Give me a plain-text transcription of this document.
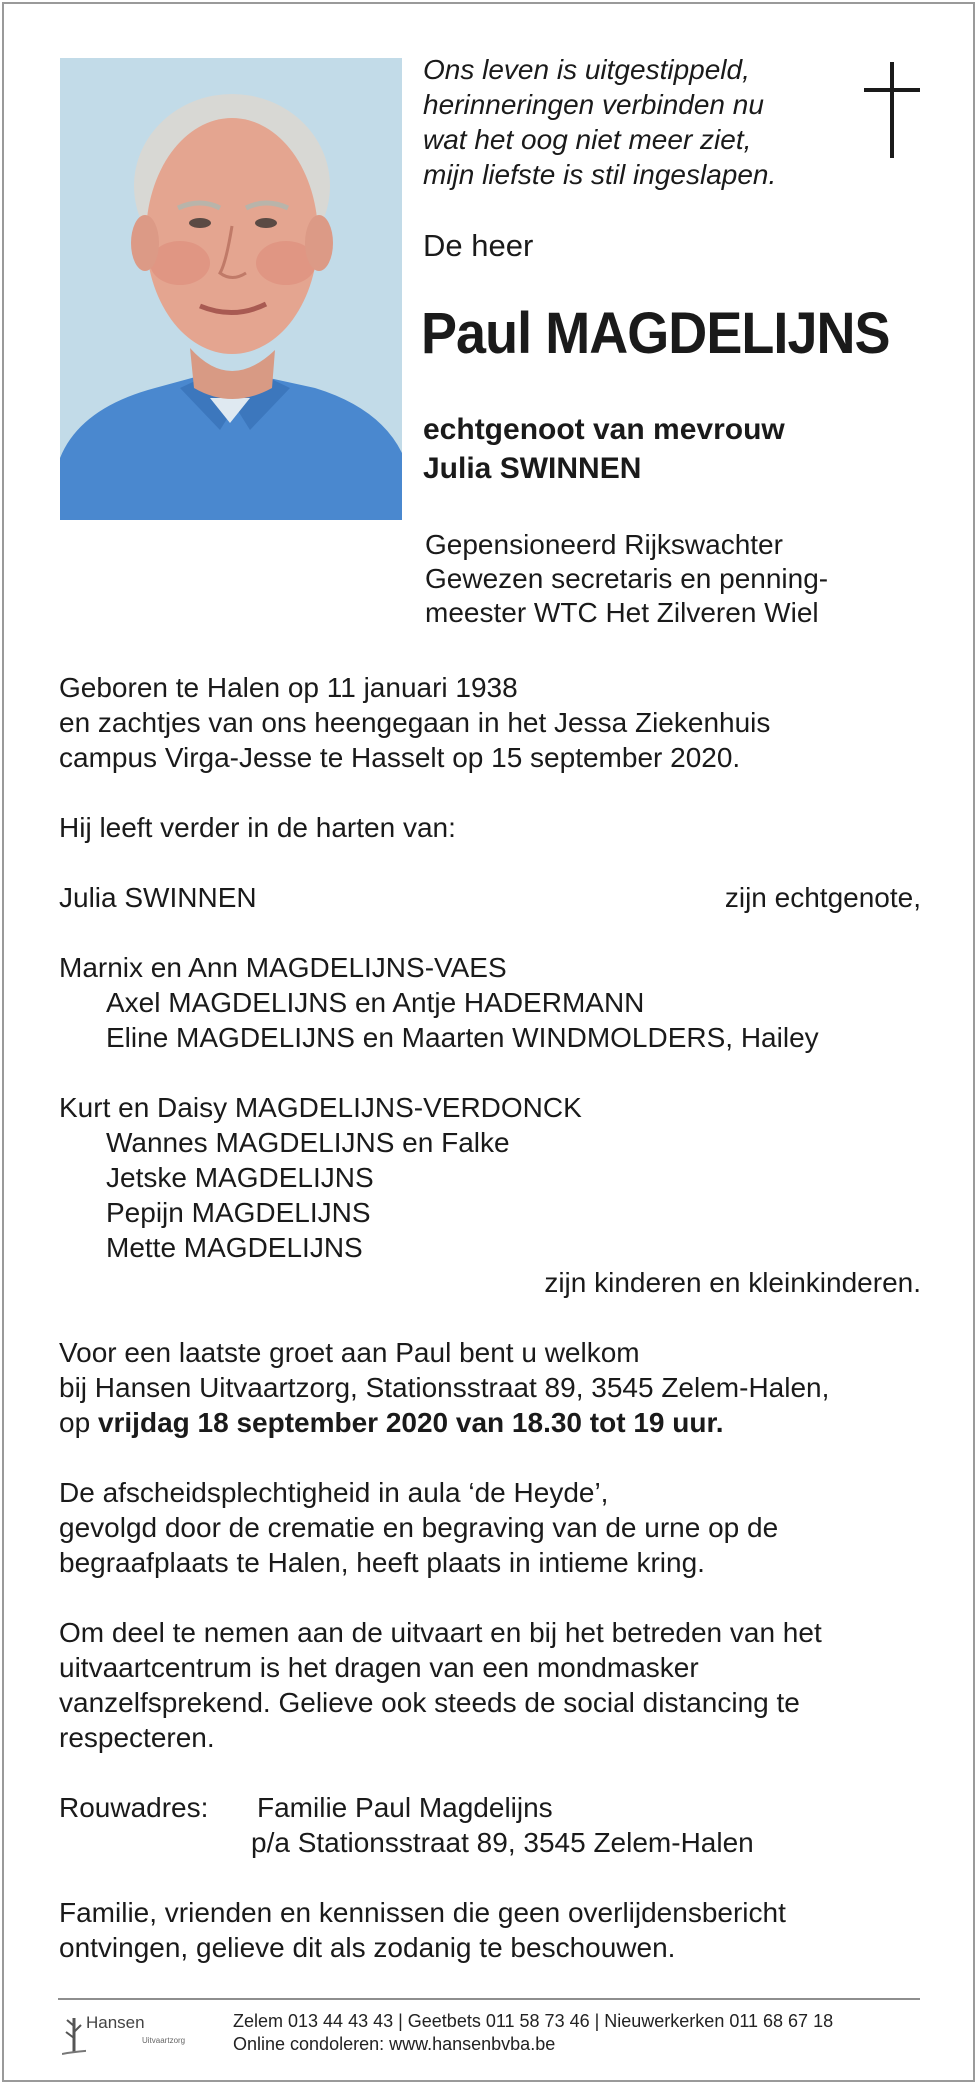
Ons leven is uitgestippeld,
herinneringen verbinden nu
wat het oog niet meer ziet,
mijn liefste is stil ingeslapen.
De heer
Paul MAGDELIJNS
echtgenoot van mevrouw
Julia SWINNEN
Gepensioneerd Rijkswachter
Gewezen secretaris en penning-
meester WTC Het Zilveren Wiel

Geboren te Halen op 11 januari 1938

en zachtjes van ons heengegaan in het Jessa Ziekenhuis

campus Virga-Jesse te Hasselt op 15 september 2020.

Hij leeft verder in de harten van:

Julia SWINNEN	zijn echtgenote,

Marnix en Ann MAGDELIJNS-VAES

Axel MAGDELIJNS en Antje HADERMANN

Eline MAGDELIJNS en Maarten WINDMOLDERS, Hailey

Kurt en Daisy MAGDELIJNS-VERDONCK

Wannes MAGDELIJNS en Falke

Jetske MAGDELIJNS

Pepijn MAGDELIJNS

Mette MAGDELIJNS

zijn kinderen en kleinkinderen.

Voor een laatste groet aan Paul bent u welkom

bij Hansen Uitvaartzorg, Stationsstraat 89, 3545 Zelem-Halen,

op vrijdag 18 september 2020 van 18.30 tot 19 uur.

De afscheidsplechtigheid in aula ‘de Heyde’,

gevolgd door de crematie en begraving van de urne op de

begraafplaats te Halen, heeft plaats in intieme kring.

Om deel te nemen aan de uitvaart en bij het betreden van het

uitvaartcentrum is het dragen van een mondmasker

vanzelfsprekend. Gelieve ook steeds de social distancing te

respecteren.

Rouwadres:	Familie Paul Magdelijns
p/a Stationsstraat 89, 3545 Zelem-Halen

Familie, vrienden en kennissen die geen overlijdensbericht

ontvingen, gelieve dit als zodanig te beschouwen.

Hansen
Uitvaartzorg
Zelem 013 44 43 43 | Geetbets 011 58 73 46 | Nieuwerkerken 011 68 67 18
Online condoleren: www.hansenbvba.be
